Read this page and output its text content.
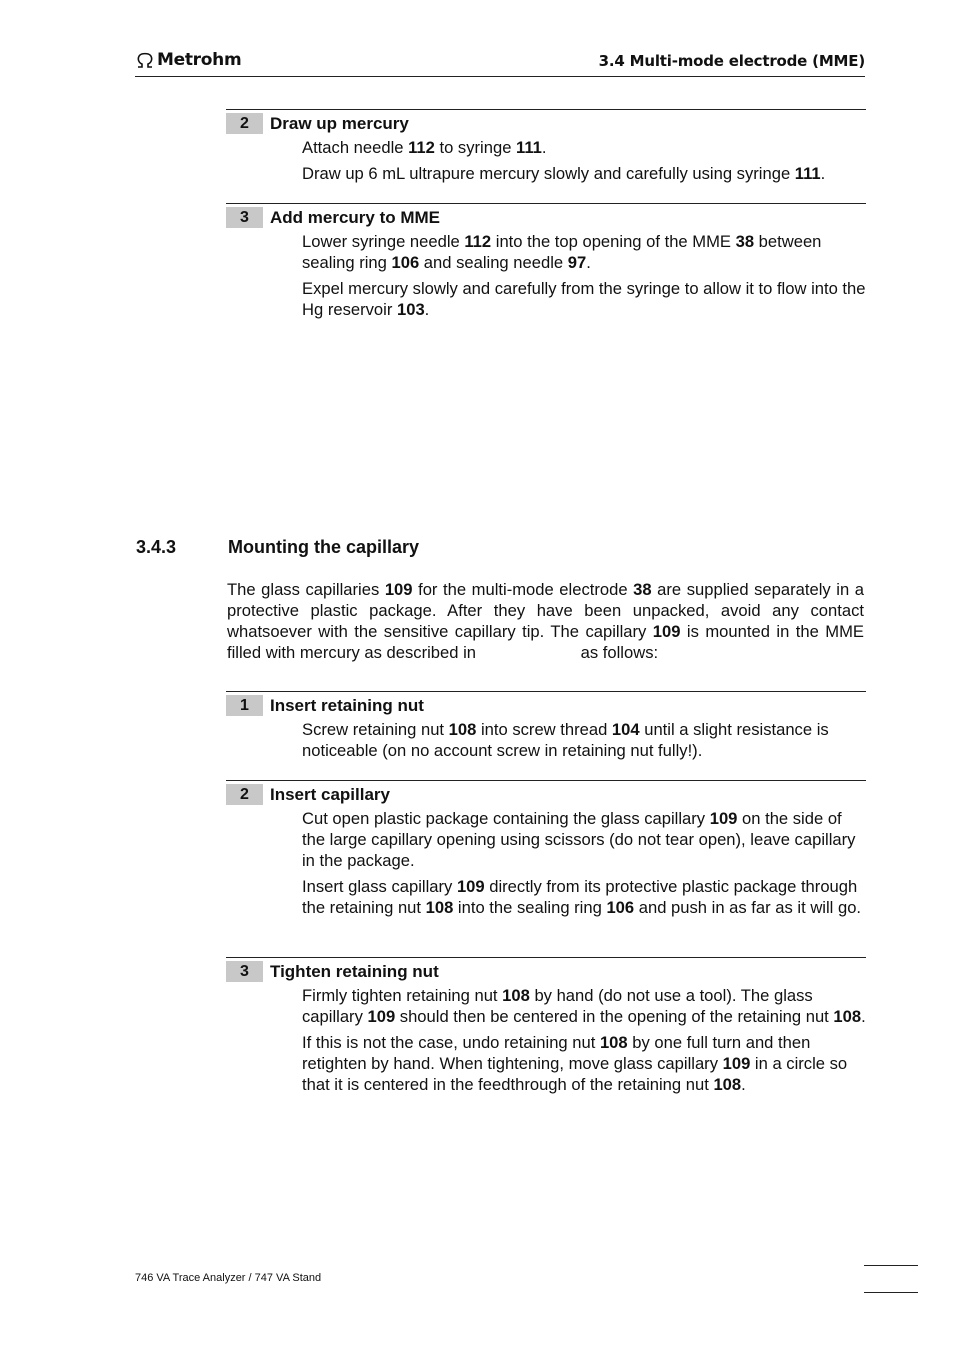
Metrohm	3.4 Multi-mode electrode (MME)
2	Draw up mercury

Attach needle 112 to syringe 111.

Draw up 6 mL ultrapure mercury slowly and carefully using syringe 111.

3	Add mercury to MME

Lower syringe needle 112 into the top opening of the MME 38 between sealing ring 106 and sealing needle 97.

Expel mercury slowly and carefully from the syringe to allow it to flow into the Hg reservoir 103.

3.4.3	Mounting the capillary

The glass capillaries 109 for the multi-mode electrode 38 are supplied separately in a protective plastic package. After they have been unpacked, avoid any contact whatsoever with the sensitive capillary tip. The capillary 109 is mounted in the MME filled with mercury as described in	as follows:

1	Insert retaining nut

Screw retaining nut 108 into screw thread 104 until a slight resistance is noticeable (on no account screw in retaining nut fully!).

2	Insert capillary

Cut open plastic package containing the glass capillary 109 on the side of the large capillary opening using scissors (do not tear open), leave capillary in the package.

Insert glass capillary 109 directly from its protective plastic package through the retaining nut 108 into the sealing ring 106 and push in as far as it will go.

3	Tighten retaining nut

Firmly tighten retaining nut 108 by hand (do not use a tool). The glass capillary 109 should then be centered in the opening of the retaining nut 108.

If this is not the case, undo retaining nut 108 by one full turn and then retighten by hand. When tightening, move glass capillary 109 in a circle so that it is centered in the feedthrough of the retaining nut 108.

746 VA Trace Analyzer / 747 VA Stand
